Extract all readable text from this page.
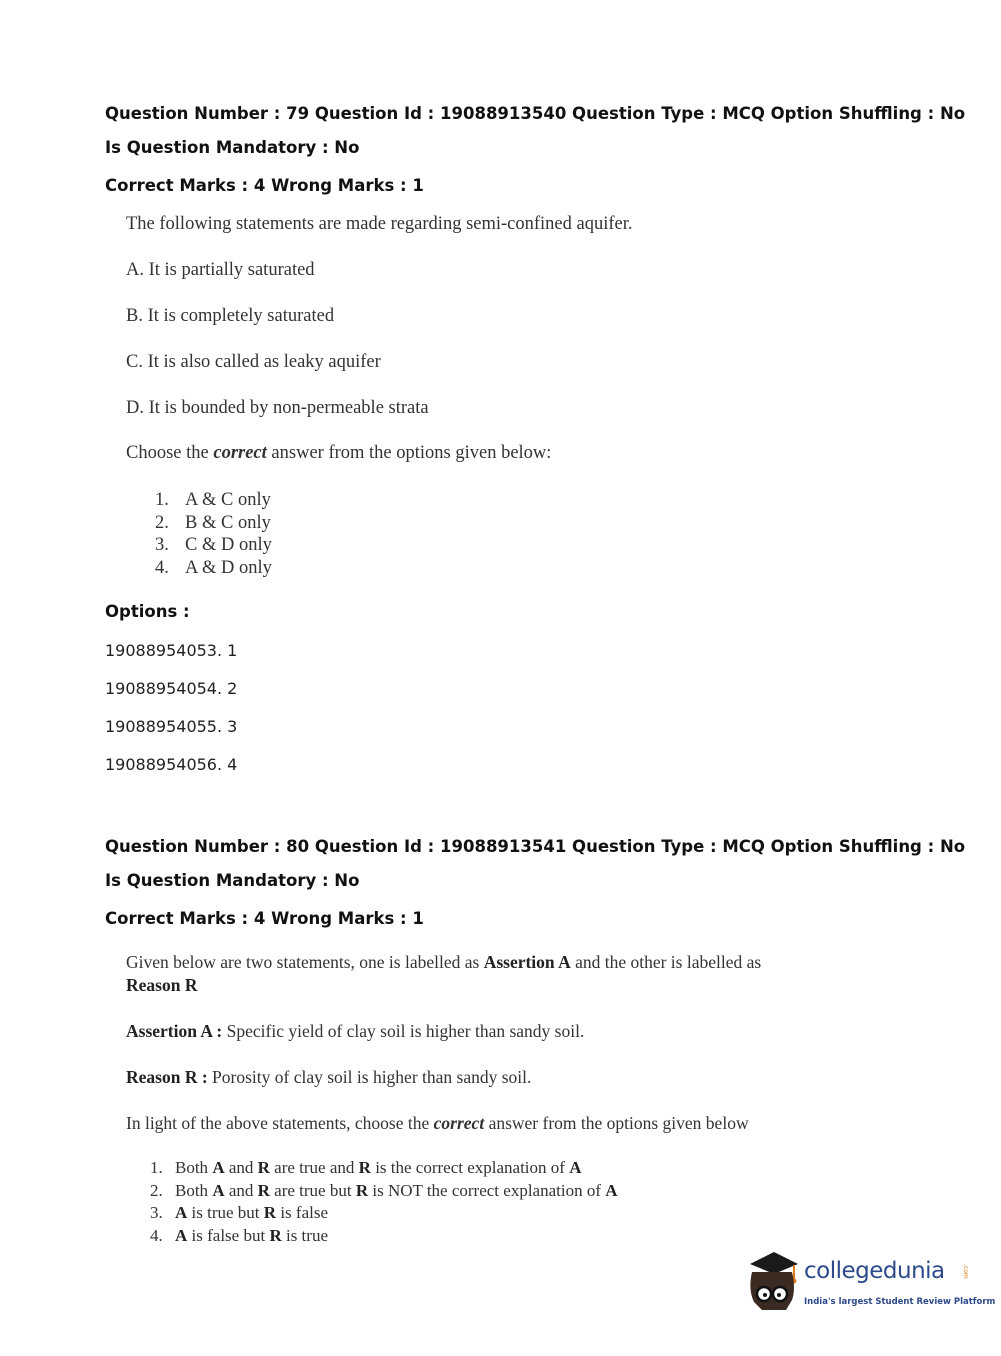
Question Number : 79 Question Id : 19088913540 Question Type : MCQ Option Shuffling : No
Is Question Mandatory : No
Correct Marks : 4 Wrong Marks : 1
The following statements are made regarding semi-confined aquifer.
A. It is partially saturated
B. It is completely saturated
C. It is also called as leaky aquifer
D. It is bounded by non-permeable strata
Choose the correct answer from the options given below:
1. A & C only
2. B & C only
3. C & D only
4. A & D only
Options :
19088954053. 1
19088954054. 2
19088954055. 3
19088954056. 4
Question Number : 80 Question Id : 19088913541 Question Type : MCQ Option Shuffling : No
Is Question Mandatory : No
Correct Marks : 4 Wrong Marks : 1
Given below are two statements, one is labelled as Assertion A and the other is labelled as
Reason R
Assertion A : Specific yield of clay soil is higher than sandy soil.
Reason R : Porosity of clay soil is higher than sandy soil.
In light of the above statements, choose the correct answer from the options given below
1. Both A and R are true and R is the correct explanation of A
2. Both A and R are true but R is NOT the correct explanation of A
3. A is true but R is false
4. A is false but R is true
collegedunia	.com
India's largest Student Review Platform
